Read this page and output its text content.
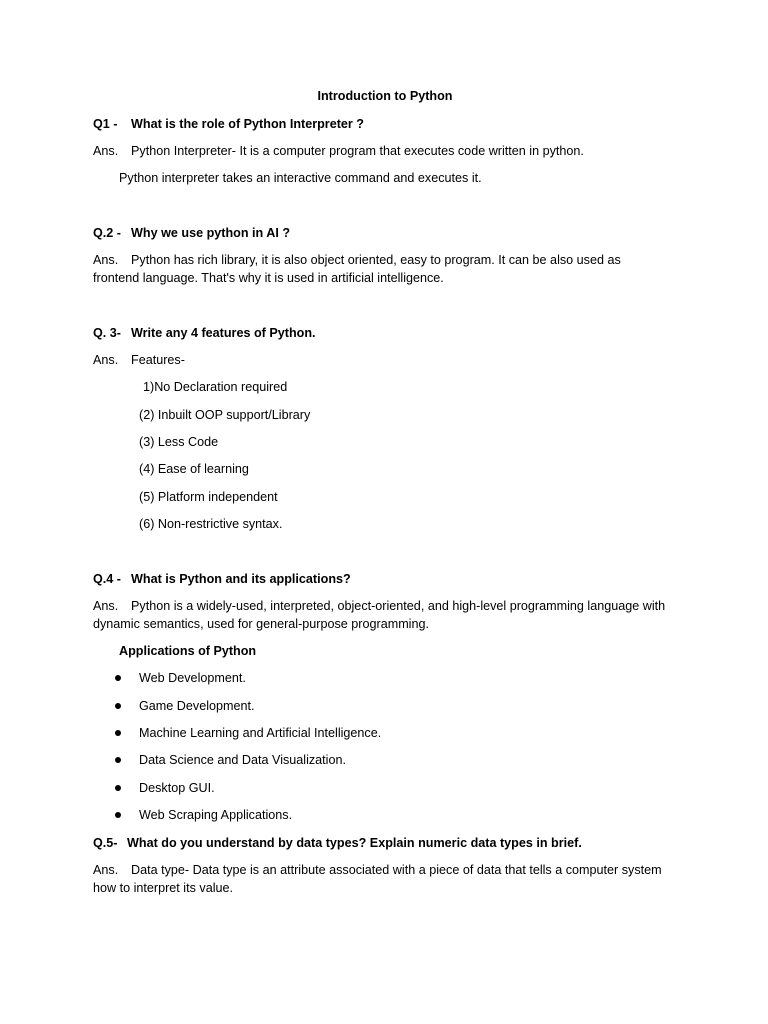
Introduction to Python
Q1 - What is the role of Python Interpreter ?
Ans. Python Interpreter- It is a computer program that executes code written in python.
Python interpreter takes an interactive command and executes it.
Q.2 - Why we use python in AI ?
Ans. Python has rich library, it is also object oriented, easy to program. It can be also used as frontend language. That's why it is used in artificial intelligence.
Q. 3- Write any 4 features of Python.
Ans. Features-
1)No Declaration required
(2) Inbuilt OOP support/Library
(3) Less Code
(4) Ease of learning
(5) Platform independent
(6) Non-restrictive syntax.
Q.4 - What is Python and its applications?
Ans. Python is a widely-used, interpreted, object-oriented, and high-level programming language with dynamic semantics, used for general-purpose programming.
Applications of Python
Web Development.
Game Development.
Machine Learning and Artificial Intelligence.
Data Science and Data Visualization.
Desktop GUI.
Web Scraping Applications.
Q.5- What do you understand by data types? Explain numeric data types in brief.
Ans. Data type- Data type is an attribute associated with a piece of data that tells a computer system how to interpret its value.
